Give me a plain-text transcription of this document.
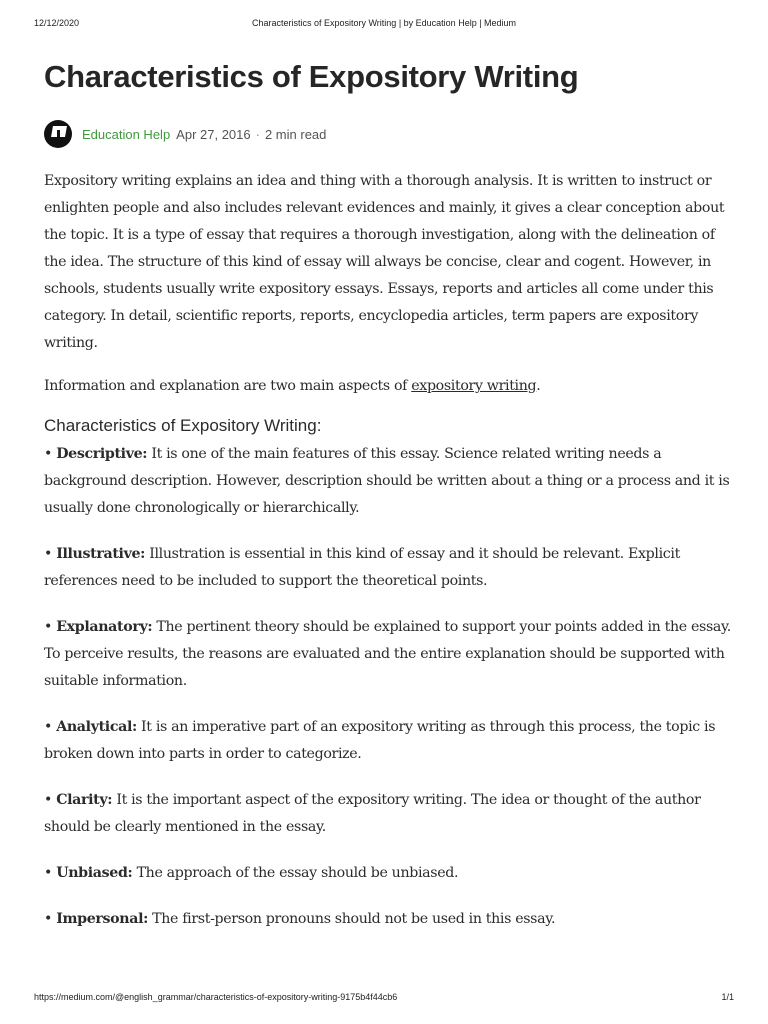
12/12/2020	Characteristics of Expository Writing | by Education Help | Medium
Characteristics of Expository Writing
Education Help Apr 27, 2016 · 2 min read

Expository writing explains an idea and thing with a thorough analysis. It is written to instruct or enlighten people and also includes relevant evidences and mainly, it gives a clear conception about the topic. It is a type of essay that requires a thorough investigation, along with the delineation of the idea. The structure of this kind of essay will always be concise, clear and cogent. However, in schools, students usually write expository essays. Essays, reports and articles all come under this category. In detail, scientific reports, reports, encyclopedia articles, term papers are expository writing.

Information and explanation are two main aspects of expository writing.

Characteristics of Expository Writing:

• Descriptive: It is one of the main features of this essay. Science related writing needs a background description. However, description should be written about a thing or a process and it is usually done chronologically or hierarchically.

• Illustrative: Illustration is essential in this kind of essay and it should be relevant. Explicit references need to be included to support the theoretical points.

• Explanatory: The pertinent theory should be explained to support your points added in the essay. To perceive results, the reasons are evaluated and the entire explanation should be supported with suitable information.

• Analytical: It is an imperative part of an expository writing as through this process, the topic is broken down into parts in order to categorize.

• Clarity: It is the important aspect of the expository writing. The idea or thought of the author should be clearly mentioned in the essay.

• Unbiased: The approach of the essay should be unbiased.

• Impersonal: The first-person pronouns should not be used in this essay.

https://medium.com/@english_grammar/characteristics-of-expository-writing-9175b4f44cb6	1/1
